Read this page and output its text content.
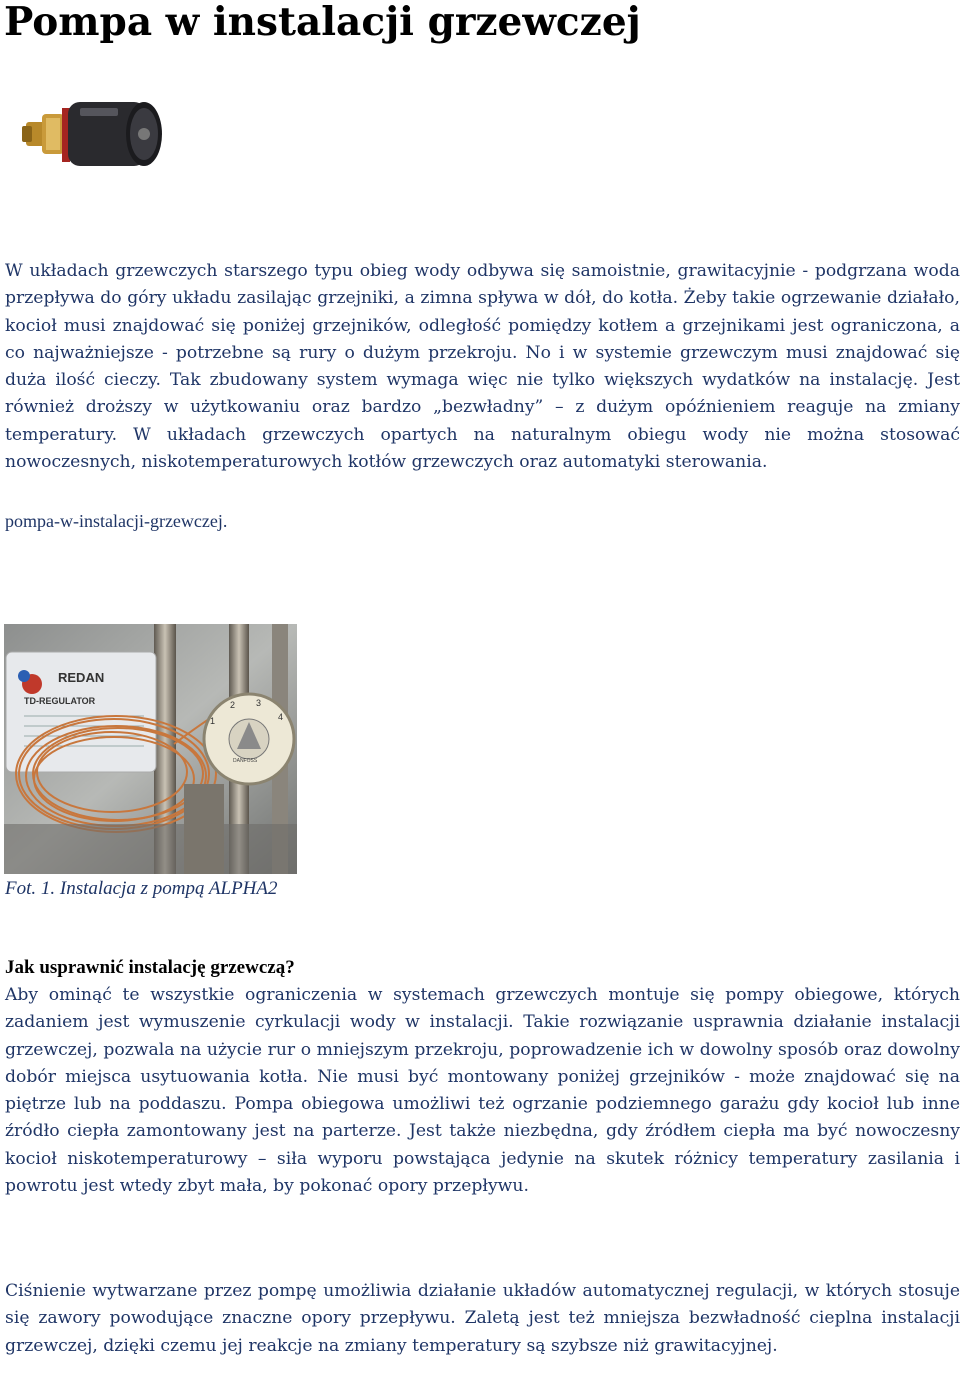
Pompa w instalacji grzewczej
W układach grzewczych starszego typu obieg wody odbywa się samoistnie, grawitacyjnie - podgrzana woda przepływa do góry układu zasilając grzejniki, a zimna spływa w dół, do kotła. Żeby takie ogrzewanie działało, kocioł musi znajdować się poniżej grzejników, odległość pomiędzy kotłem a grzejnikami jest ograniczona, a co najważniejsze - potrzebne są rury o dużym przekroju. No i w systemie grzewczym musi znajdować się duża ilość cieczy. Tak zbudowany system wymaga więc nie tylko większych wydatków na instalację. Jest również droższy w użytkowaniu oraz bardzo „bezwładny” – z dużym opóźnieniem reaguje na zmiany temperatury. W układach grzewczych opartych na naturalnym obiegu wody nie można stosować nowoczesnych, niskotemperaturowych kotłów grzewczych oraz automatyki sterowania.
pompa-w-instalacji-grzewczej.
REDAN
TD-REGULATOR
DANFOSS
1
2 3
4
Fot. 1. Instalacja z pompą ALPHA2
Jak usprawnić instalację grzewczą?
Aby ominąć te wszystkie ograniczenia w systemach grzewczych montuje się pompy obiegowe, których zadaniem jest wymuszenie cyrkulacji wody w instalacji. Takie rozwiązanie usprawnia działanie instalacji grzewczej, pozwala na użycie rur o mniejszym przekroju, poprowadzenie ich w dowolny sposób oraz dowolny dobór miejsca usytuowania kotła. Nie musi być montowany poniżej grzejników - może znajdować się na piętrze lub na poddaszu. Pompa obiegowa umożliwi też ogrzanie podziemnego garażu gdy kocioł lub inne źródło ciepła zamontowany jest na parterze. Jest także niezbędna, gdy źródłem ciepła ma być nowoczesny kocioł niskotemperaturowy – siła wyporu powstająca jedynie na skutek różnicy temperatury zasilania i powrotu jest wtedy zbyt mała, by pokonać opory przepływu.
Ciśnienie wytwarzane przez pompę umożliwia działanie układów automatycznej regulacji, w których stosuje się zawory powodujące znaczne opory przepływu. Zaletą jest też mniejsza bezwładność cieplna instalacji grzewczej, dzięki czemu jej reakcje na zmiany temperatury są szybsze niż grawitacyjnej.
